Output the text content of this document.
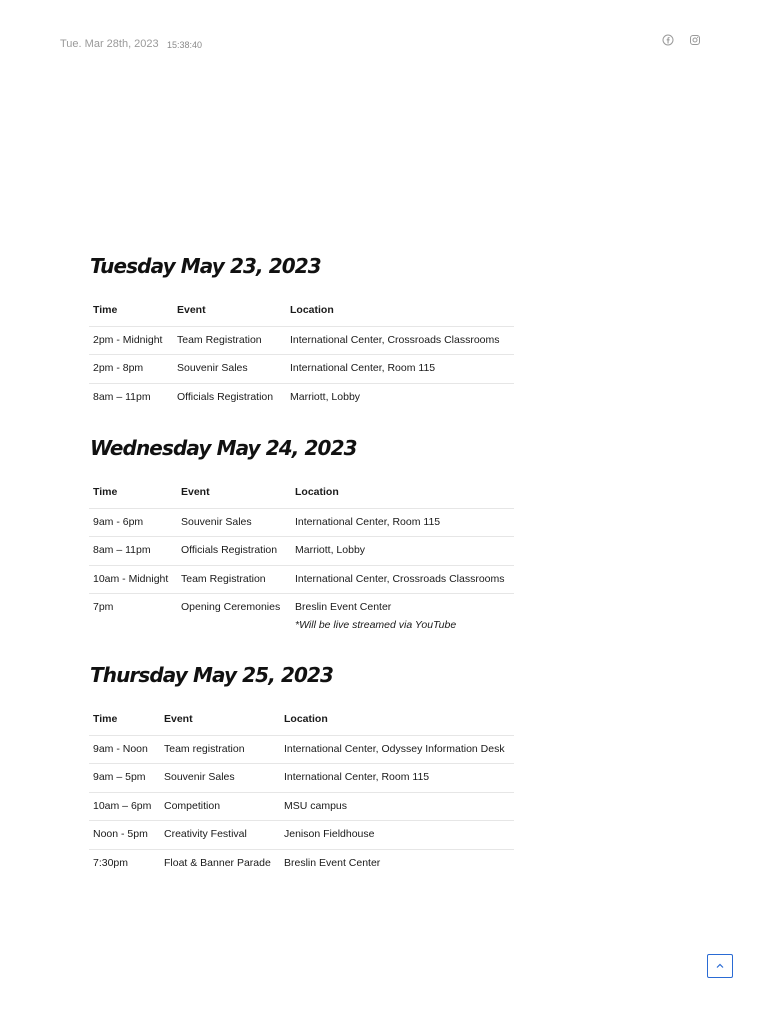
Tue. Mar 28th, 2023 15:38:40
Tuesday May 23, 2023
Time	Event	Location
2pm - Midnight	Team Registration	International Center, Crossroads Classrooms
2pm - 8pm	Souvenir Sales	International Center, Room 115
8am – 11pm	Officials Registration	Marriott, Lobby
Wednesday May 24, 2023
Time	Event	Location
9am - 6pm	Souvenir Sales	International Center, Room 115
8am – 11pm	Officials Registration	Marriott, Lobby
10am - Midnight	Team Registration	International Center, Crossroads Classrooms
7pm	Opening Ceremonies	Breslin Event Center
*Will be live streamed via YouTube
Thursday May 25, 2023
Time	Event	Location
9am - Noon	Team registration	International Center, Odyssey Information Desk
9am – 5pm	Souvenir Sales	International Center, Room 115
10am – 6pm	Competition	MSU campus
Noon - 5pm	Creativity Festival	Jenison Fieldhouse
7:30pm	Float & Banner Parade	Breslin Event Center
